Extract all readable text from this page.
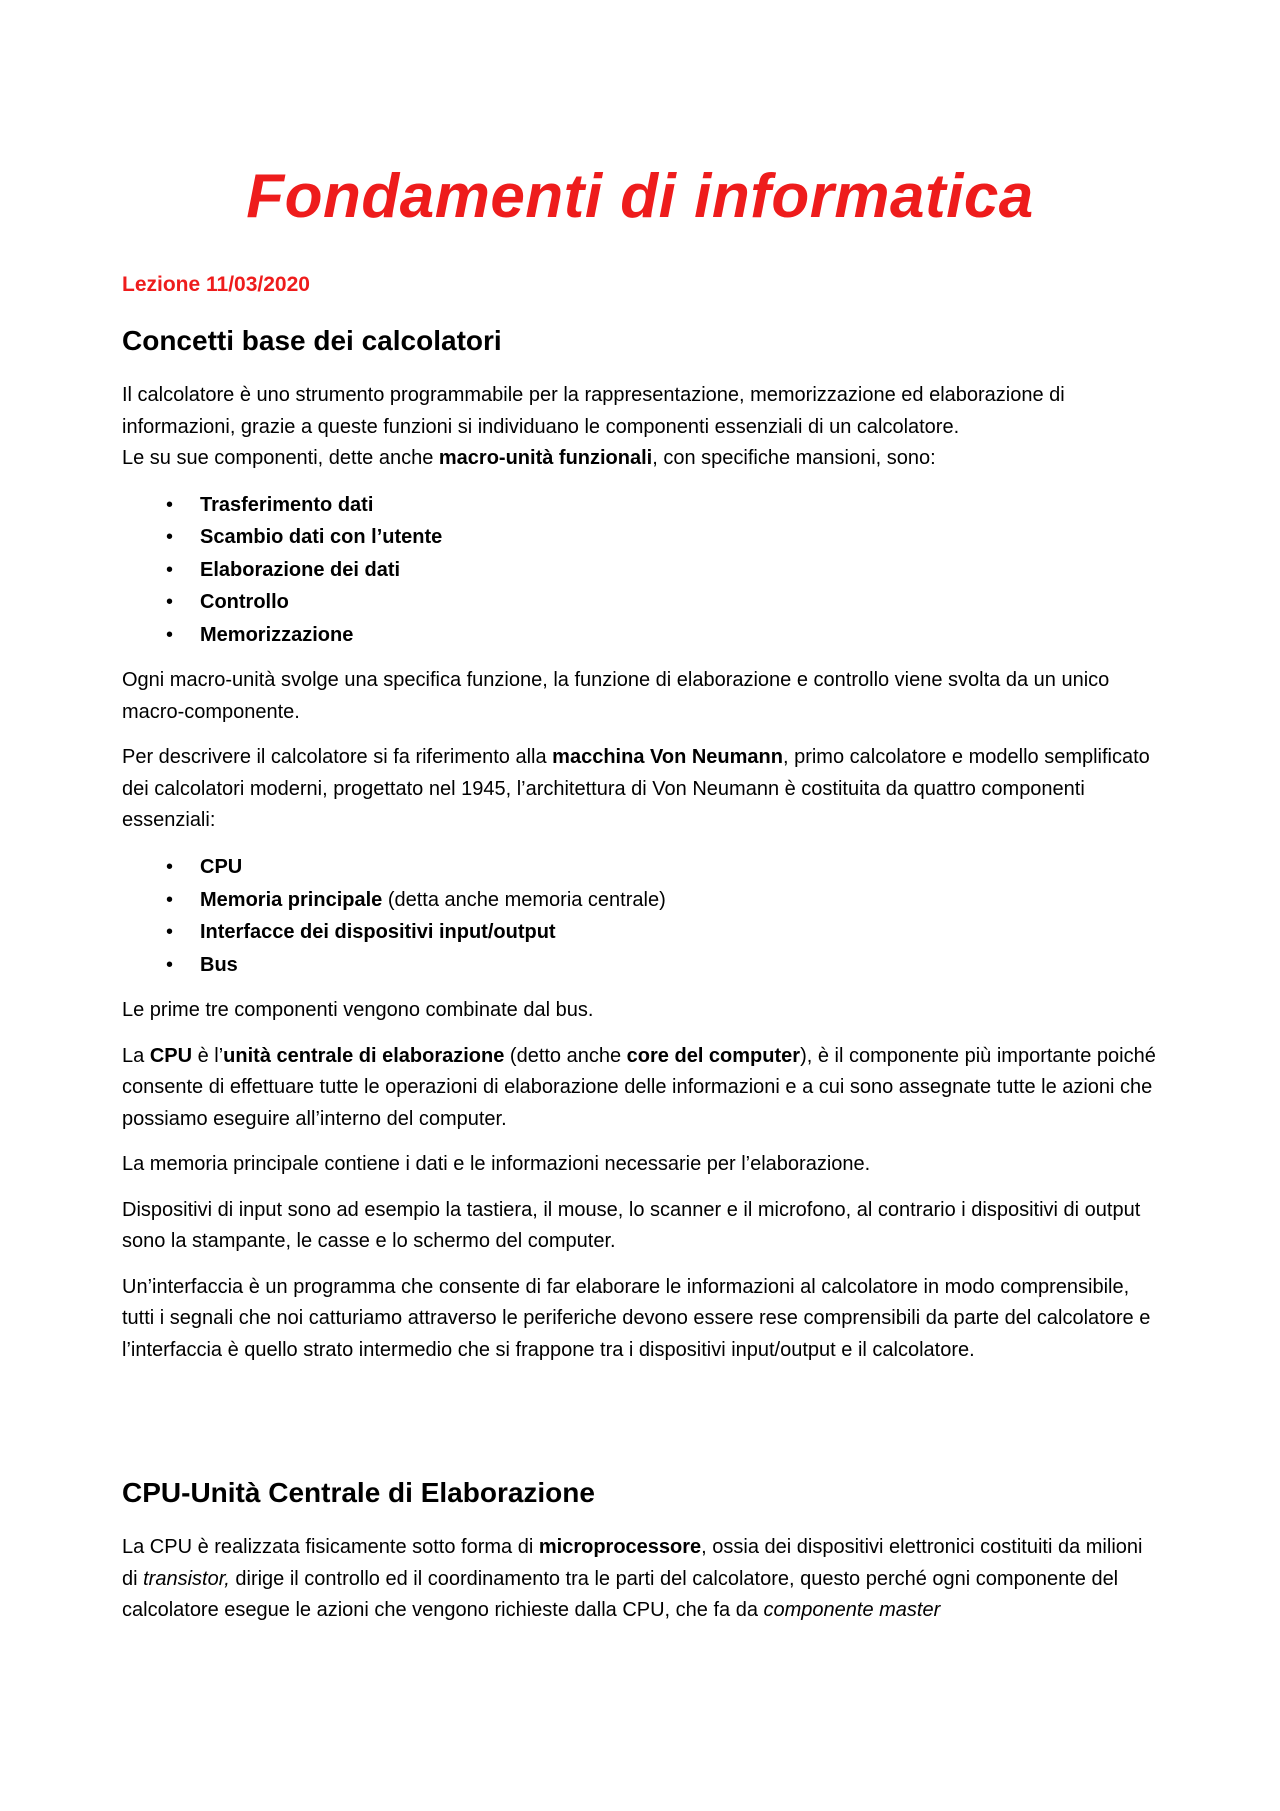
Fondamenti di informatica
Lezione 11/03/2020
Concetti base dei calcolatori

Il calcolatore è uno strumento programmabile per la rappresentazione, memorizzazione ed elaborazione di informazioni, grazie a queste funzioni si individuano le componenti essenziali di un calcolatore.
Le su sue componenti, dette anche macro-unità funzionali, con specifiche mansioni, sono:

• Trasferimento dati
• Scambio dati con l’utente
• Elaborazione dei dati
• Controllo
• Memorizzazione

Ogni macro-unità svolge una specifica funzione, la funzione di elaborazione e controllo viene svolta da un unico macro-componente.

Per descrivere il calcolatore si fa riferimento alla macchina Von Neumann, primo calcolatore e modello semplificato dei calcolatori moderni, progettato nel 1945, l’architettura di Von Neumann è costituita da quattro componenti essenziali:

• CPU
• Memoria principale (detta anche memoria centrale)
• Interfacce dei dispositivi input/output
• Bus

Le prime tre componenti vengono combinate dal bus.

La CPU è l’unità centrale di elaborazione (detto anche core del computer), è il componente più importante poiché consente di effettuare tutte le operazioni di elaborazione delle informazioni e a cui sono assegnate tutte le azioni che possiamo eseguire all’interno del computer.

La memoria principale contiene i dati e le informazioni necessarie per l’elaborazione.

Dispositivi di input sono ad esempio la tastiera, il mouse, lo scanner e il microfono, al contrario i dispositivi di output sono la stampante, le casse e lo schermo del computer.

Un’interfaccia è un programma che consente di far elaborare le informazioni al calcolatore in modo comprensibile, tutti i segnali che noi catturiamo attraverso le periferiche devono essere rese comprensibili da parte del calcolatore e l’interfaccia è quello strato intermedio che si frappone tra i dispositivi input/output e il calcolatore.

CPU-Unità Centrale di Elaborazione

La CPU è realizzata fisicamente sotto forma di microprocessore, ossia dei dispositivi elettronici costituiti da milioni di transistor, dirige il controllo ed il coordinamento tra le parti del calcolatore, questo perché ogni componente del calcolatore esegue le azioni che vengono richieste dalla CPU, che fa da componente master
